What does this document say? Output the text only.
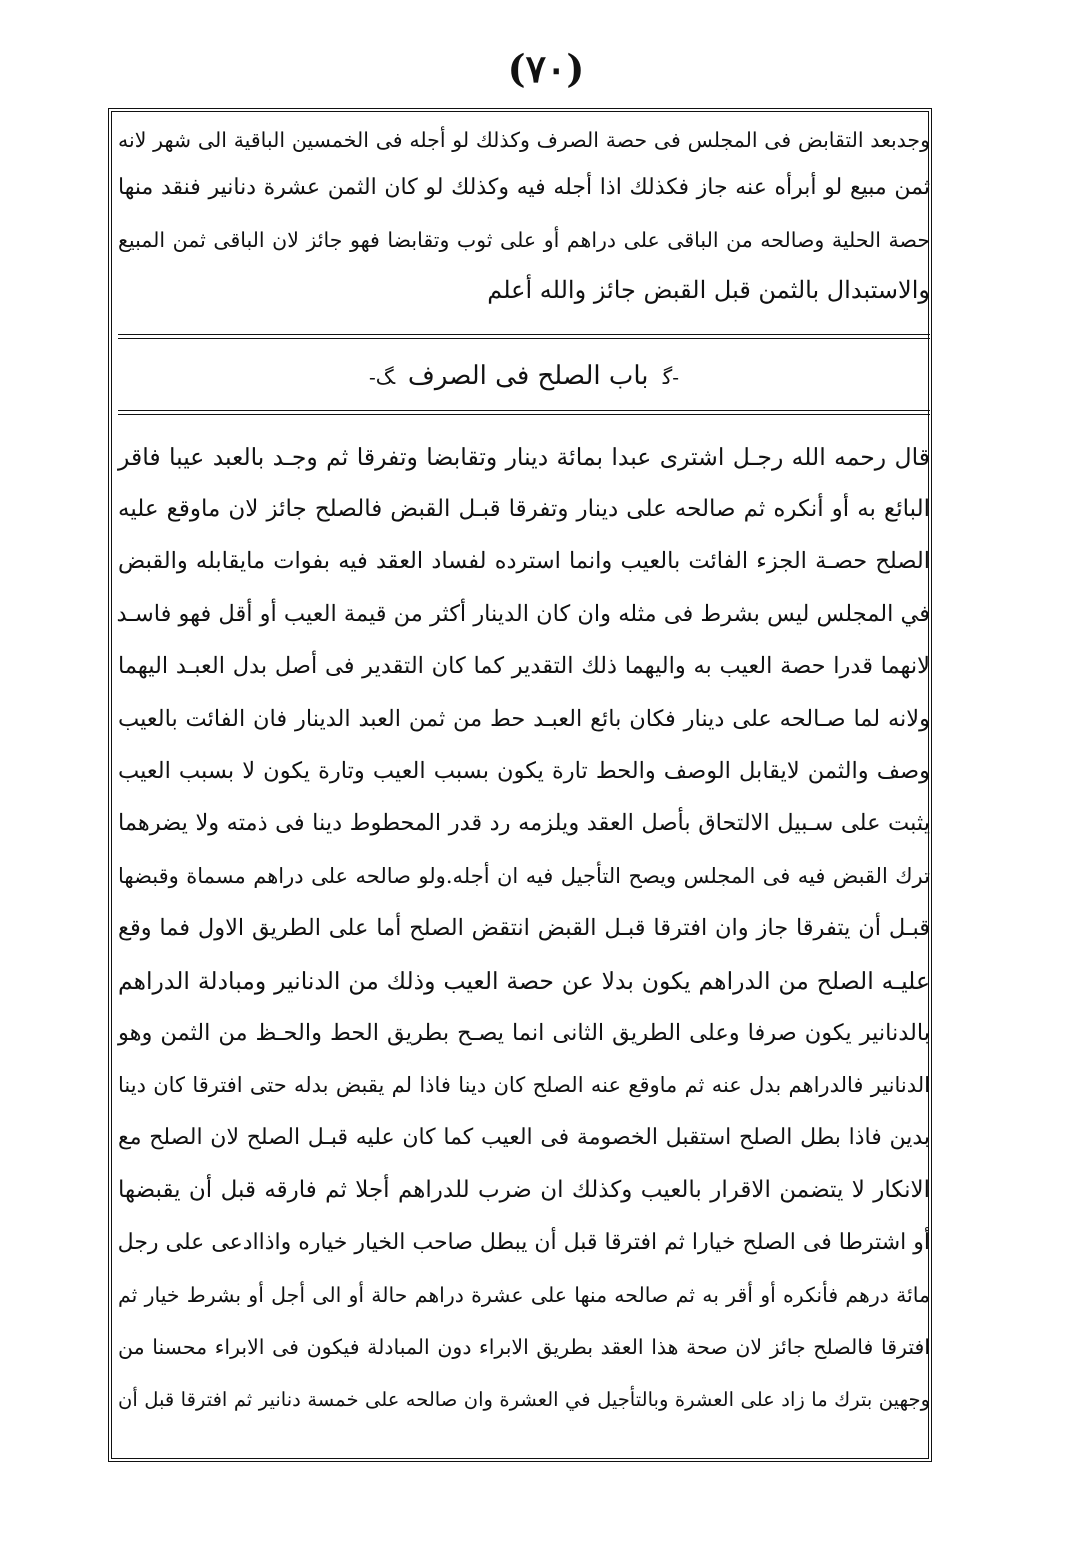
(٧٠)
وجدبعد التقابض فى المجلس فى حصة الصرف وكذلك لو أجله فى الخمسين الباقية الى شهر لانه
ثمن مبيع لو أبرأه عنه جاز فكذلك اذا أجله فيه وكذلك لو كان الثمن عشرة دنانير فنقد منها
حصة الحلية وصالحه من الباقى على دراهم أو على ثوب وتقابضا فهو جائز لان الباقى ثمن المبيع
والاستبدال بالثمن قبل القبض جائز والله أعلم
-ﮔ باب الصلح فى الصرف ﮓ-
قال رحمه الله رجـل اشترى عبدا بمائة دينار وتقابضا وتفرقا ثم وجـد بالعبد عيبا فاقر
البائع به أو أنكره ثم صالحه على دينار وتفرقا قبـل القبض فالصلح جائز لان ماوقع عليه
الصلح حصـة الجزء الفائت بالعيب وانما استرده لفساد العقد فيه بفوات مايقابله والقبض
في المجلس ليس بشرط فى مثله وان كان الدينار أكثر من قيمة العيب أو أقل فهو فاسـد
لانهما قدرا حصة العيب به واليهما ذلك التقدير كما كان التقدير فى أصل بدل العبـد اليهما
ولانه لما صـالحه على دينار فكان بائع العبـد حط من ثمن العبد الدينار فان الفائت بالعيب
وصف والثمن لايقابل الوصف والحط تارة يكون بسبب العيب وتارة يكون لا بسبب العيب
يثبت على سـبيل الالتحاق بأصل العقد ويلزمه رد قدر المحطوط دينا فى ذمته ولا يضرهما
ترك القبض فيه فى المجلس ويصح التأجيل فيه ان أجله.ولو صالحه على دراهم مسماة وقبضها
قبـل أن يتفرقا جاز وان افترقا قبـل القبض انتقض الصلح أما على الطريق الاول فما وقع
عليـه الصلح من الدراهم يكون بدلا عن حصة العيب وذلك من الدنانير ومبادلة الدراهم
بالدنانير يكون صرفا وعلى الطريق الثانى انما يصـح بطريق الحط والحـظ من الثمن وهو
الدنانير فالدراهم بدل عنه ثم ماوقع عنه الصلح كان دينا فاذا لم يقبض بدله حتى افترقا كان دينا
بدين فاذا بطل الصلح استقبل الخصومة فى العيب كما كان عليه قبـل الصلح لان الصلح مع
الانكار لا يتضمن الاقرار بالعيب وكذلك ان ضرب للدراهم أجلا ثم فارقه قبل أن يقبضها
أو اشترطا فى الصلح خيارا ثم افترقا قبل أن يبطل صاحب الخيار خياره واذاادعى على رجل
مائة درهم فأنكره أو أقر به ثم صالحه منها على عشرة دراهم حالة أو الى أجل أو بشرط خيار ثم
افترقا فالصلح جائز لان صحة هذا العقد بطريق الابراء دون المبادلة فيكون فى الابراء محسنا من
وجهين بترك ما زاد على العشرة وبالتأجيل في العشرة وان صالحه على خمسة دنانير ثم افترقا قبل أن
